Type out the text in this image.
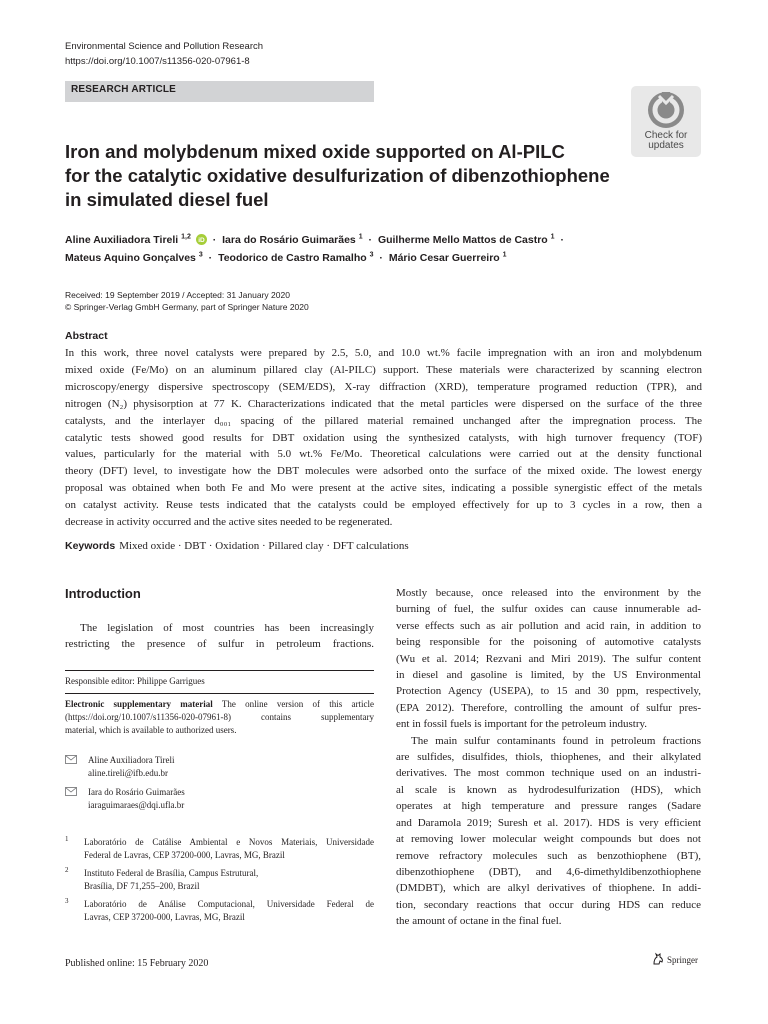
Environmental Science and Pollution Research
https://doi.org/10.1007/s11356-020-07961-8
RESEARCH ARTICLE
Check for
updates
Iron and molybdenum mixed oxide supported on Al-PILC
for the catalytic oxidative desulfurization of dibenzothiophene
in simulated diesel fuel
Aline Auxiliadora Tireli $^{1,2}$ iD · Iara do Rosário Guimarães $^1$ · Guilherme Mello Mattos de Castro $^1$ ·
Mateus Aquino Gonçalves $^3$ · Teodorico de Castro Ramalho $^3$ · Mário Cesar Guerreiro $^1$
Received: 19 September 2019 / Accepted: 31 January 2020
© Springer-Verlag GmbH Germany, part of Springer Nature 2020
Abstract
In this work, three novel catalysts were prepared by 2.5, 5.0, and 10.0 wt.% facile impregnation with an iron and molybdenum
mixed oxide (Fe/Mo) on an aluminum pillared clay (Al-PILC) support. These materials were characterized by scanning electron
microscopy/energy dispersive spectroscopy (SEM/EDS), X-ray diffraction (XRD), temperature programed reduction (TPR), and
nitrogen (N₂) physisorption at 77 K. Characterizations indicated that the metal particles were dispersed on the surface of the three
catalysts, and the interlayer d₀₀₁ spacing of the pillared material remained unchanged after the impregnation process. The
catalytic tests showed good results for DBT oxidation using the synthesized catalysts, with high turnover frequency (TOF)
values, particularly for the material with 5.0 wt.% Fe/Mo. Theoretical calculations were carried out at the density functional
theory (DFT) level, to investigate how the DBT molecules were adsorbed onto the surface of the mixed oxide. The lowest energy
proposal was obtained when both Fe and Mo were present at the active sites, indicating a possible synergistic effect of the metals
on catalyst activity. Reuse tests indicated that the catalysts could be employed effectively for up to 3 cycles in a row, then a
decrease in activity occurred and the active sites needed to be regenerated.
Keywords Mixed oxide · DBT · Oxidation · Pillared clay · DFT calculations
Introduction
The legislation of most countries has been increasingly
restricting the presence of sulfur in petroleum fractions.
Responsible editor: Philippe Garrigues
Electronic supplementary material The online version of this article
(https://doi.org/10.1007/s11356-020-07961-8) contains supplementary
material, which is available to authorized users.
Aline Auxiliadora Tireli
aline.tireli@ifb.edu.br
Iara do Rosário Guimarães
iaraguimaraes@dqi.ufla.br
1 Laboratório de Catálise Ambiental e Novos Materiais, Universidade
Federal de Lavras, CEP 37200-000, Lavras, MG, Brazil
2 Instituto Federal de Brasília, Campus Estrutural,
Brasília, DF 71,255–200, Brazil
3 Laboratório de Análise Computacional, Universidade Federal de
Lavras, CEP 37200-000, Lavras, MG, Brazil
Mostly because, once released into the environment by the
burning of fuel, the sulfur oxides can cause innumerable ad-
verse effects such as air pollution and acid rain, in addition to
being responsible for the poisoning of automotive catalysts
(Wu et al. 2014; Rezvani and Miri 2019). The sulfur content
in diesel and gasoline is limited, by the US Environmental
Protection Agency (USEPA), to 15 and 30 ppm, respectively,
(EPA 2012). Therefore, controlling the amount of sulfur pres-
ent in fossil fuels is important for the petroleum industry.
The main sulfur contaminants found in petroleum fractions
are sulfides, disulfides, thiols, thiophenes, and their alkylated
derivatives. The most common technique used on an industri-
al scale is known as hydrodesulfurization (HDS), which
operates at high temperature and pressure ranges (Sadare
and Daramola 2019; Suresh et al. 2017). HDS is very efficient
at removing lower molecular weight compounds but does not
remove refractory molecules such as benzothiophene (BT),
dibenzothiophene (DBT), and 4,6-dimethyldibenzothiophene
(DMDBT), which are alkyl derivatives of thiophene. In addi-
tion, secondary reactions that occur during HDS can reduce
the amount of octane in the final fuel.
Published online: 15 February 2020	Springer
